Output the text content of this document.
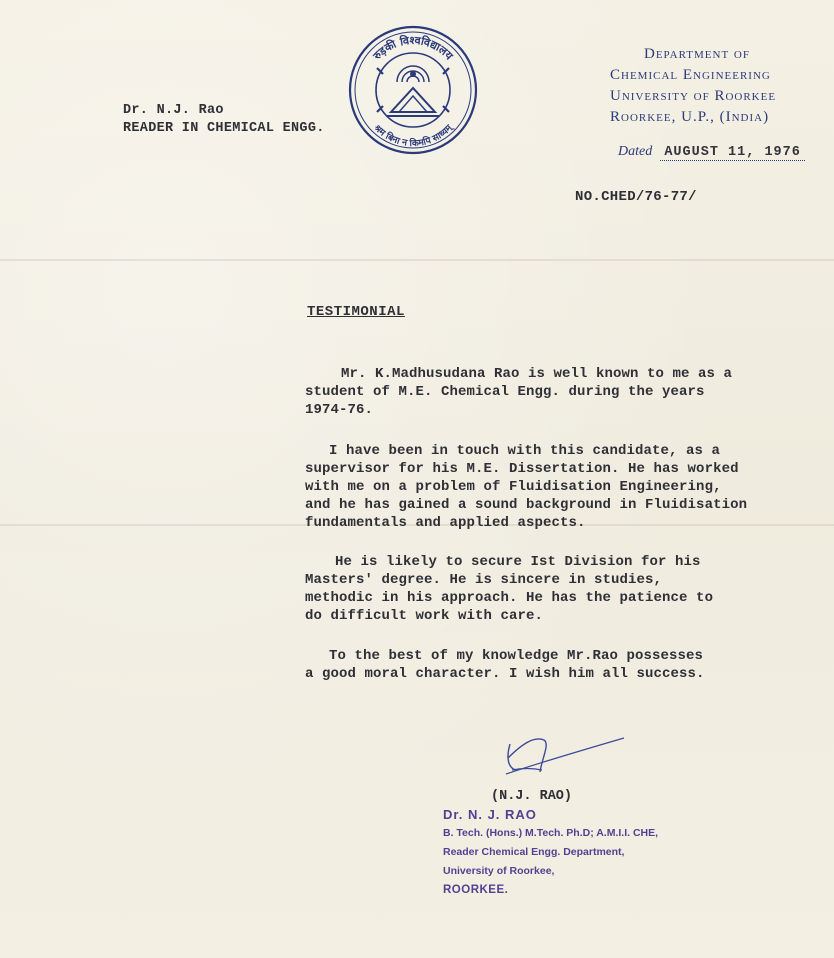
Dr. N.J. Rao
READER IN CHEMICAL ENGG.
रुड़की विश्वविद्यालय
श्रम बिना न किमपि साध्यम्
Department of
Chemical Engineering
University of Roorkee
Roorkee, U.P., (India)
Dated AUGUST 11, 1976
NO.CHED/76-77/
TESTIMONIAL
Mr. K.Madhusudana Rao is well known to me as a
student of M.E. Chemical Engg. during the years
1974-76.
I have been in touch with this candidate, as a
supervisor for his M.E. Dissertation. He has worked
with me on a problem of Fluidisation Engineering,
and he has gained a sound background in Fluidisation
fundamentals and applied aspects.
He is likely to secure Ist Division for his
Masters' degree. He is sincere in studies,
methodic in his approach. He has the patience to
do difficult work with care.
To the best of my knowledge Mr.Rao possesses
a good moral character. I wish him all success.
(N.J. RAO)
Dr. N. J. RAO
B. Tech. (Hons.) M.Tech. Ph.D; A.M.I.I. CHE,
Reader Chemical Engg. Department,
University of Roorkee,
ROORKEE.
